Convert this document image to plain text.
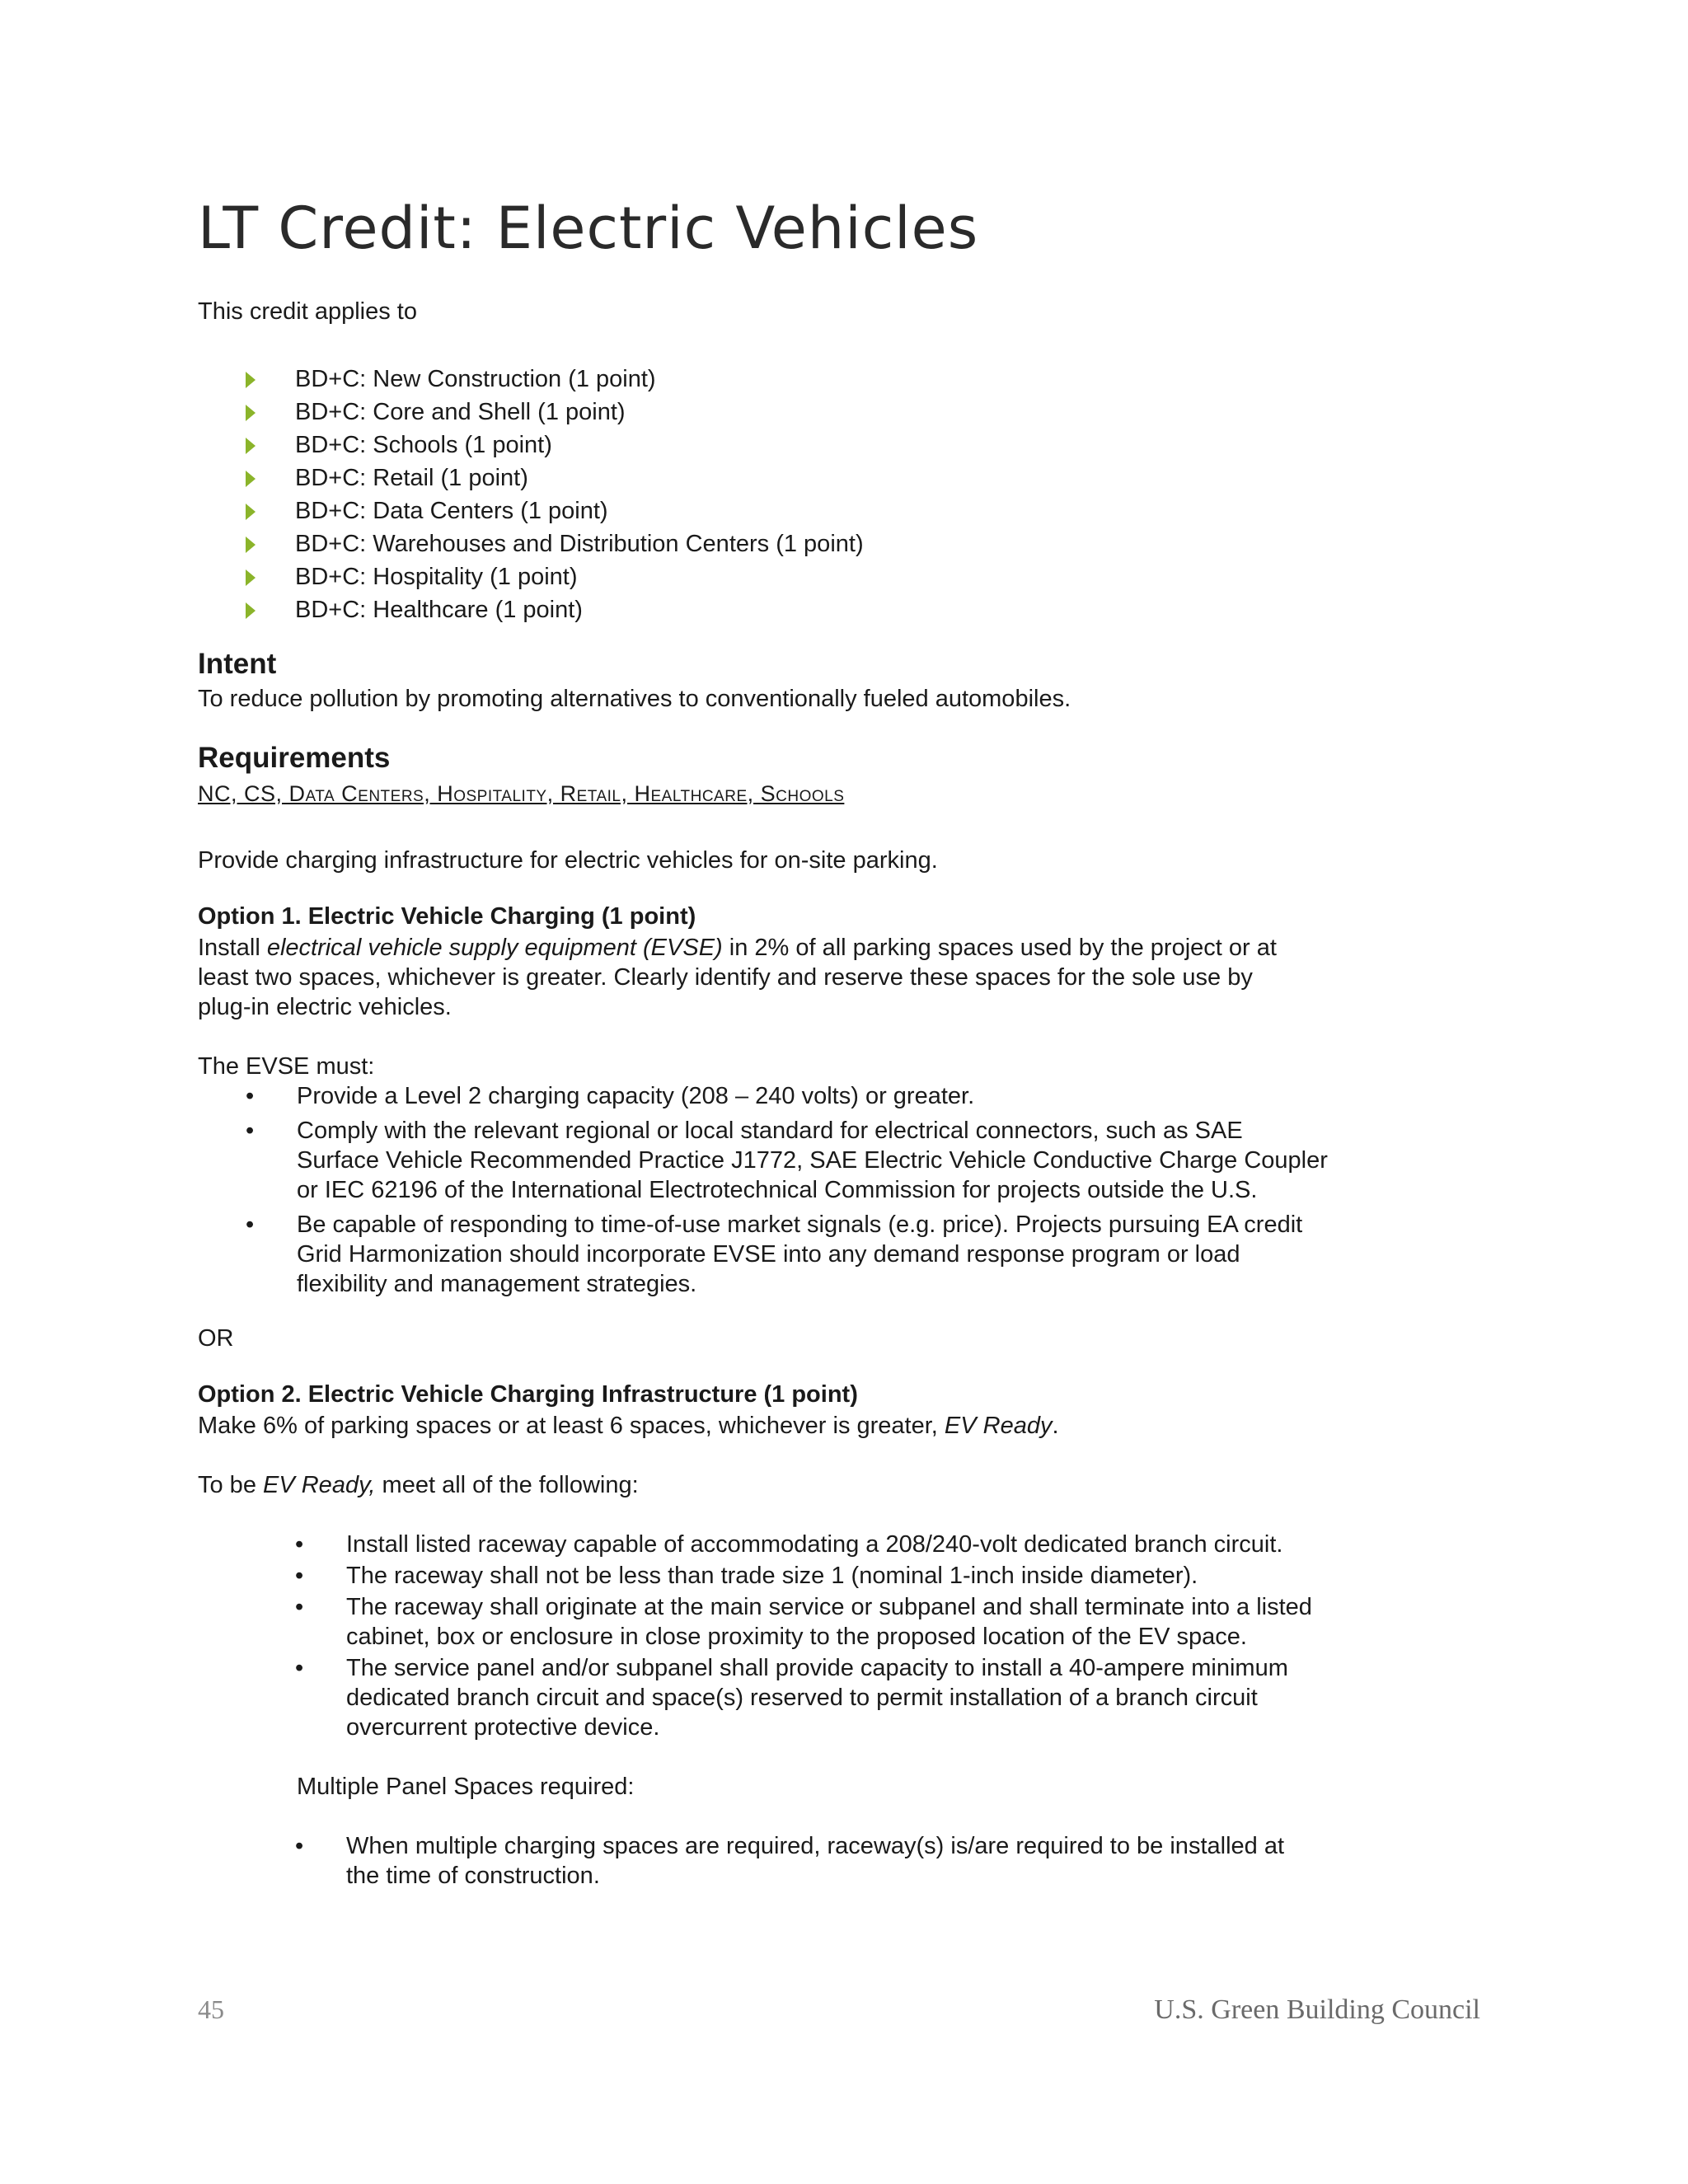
LT Credit: Electric Vehicles
This credit applies to
BD+C: New Construction (1 point)
BD+C: Core and Shell (1 point)
BD+C: Schools (1 point)
BD+C: Retail (1 point)
BD+C: Data Centers (1 point)
BD+C: Warehouses and Distribution Centers (1 point)
BD+C: Hospitality (1 point)
BD+C: Healthcare (1 point)
Intent
To reduce pollution by promoting alternatives to conventionally fueled automobiles.
Requirements
NC, CS, Data Centers, Hospitality, Retail, Healthcare, Schools
Provide charging infrastructure for electric vehicles for on-site parking.
Option 1. Electric Vehicle Charging (1 point)
Install electrical vehicle supply equipment (EVSE) in 2% of all parking spaces used by the project or at
least two spaces, whichever is greater. Clearly identify and reserve these spaces for the sole use by
plug-in electric vehicles.
The EVSE must:
• Provide a Level 2 charging capacity (208 – 240 volts) or greater.
• Comply with the relevant regional or local standard for electrical connectors, such as SAE
Surface Vehicle Recommended Practice J1772, SAE Electric Vehicle Conductive Charge Coupler
or IEC 62196 of the International Electrotechnical Commission for projects outside the U.S.
• Be capable of responding to time-of-use market signals (e.g. price). Projects pursuing EA credit
Grid Harmonization should incorporate EVSE into any demand response program or load
flexibility and management strategies.
OR
Option 2. Electric Vehicle Charging Infrastructure (1 point)
Make 6% of parking spaces or at least 6 spaces, whichever is greater, EV Ready.
To be EV Ready, meet all of the following:
• Install listed raceway capable of accommodating a 208/240-volt dedicated branch circuit.
• The raceway shall not be less than trade size 1 (nominal 1-inch inside diameter).
• The raceway shall originate at the main service or subpanel and shall terminate into a listed
cabinet, box or enclosure in close proximity to the proposed location of the EV space.
• The service panel and/or subpanel shall provide capacity to install a 40-ampere minimum
dedicated branch circuit and space(s) reserved to permit installation of a branch circuit
overcurrent protective device.
Multiple Panel Spaces required:
• When multiple charging spaces are required, raceway(s) is/are required to be installed at
the time of construction.
45	U.S. Green Building Council
